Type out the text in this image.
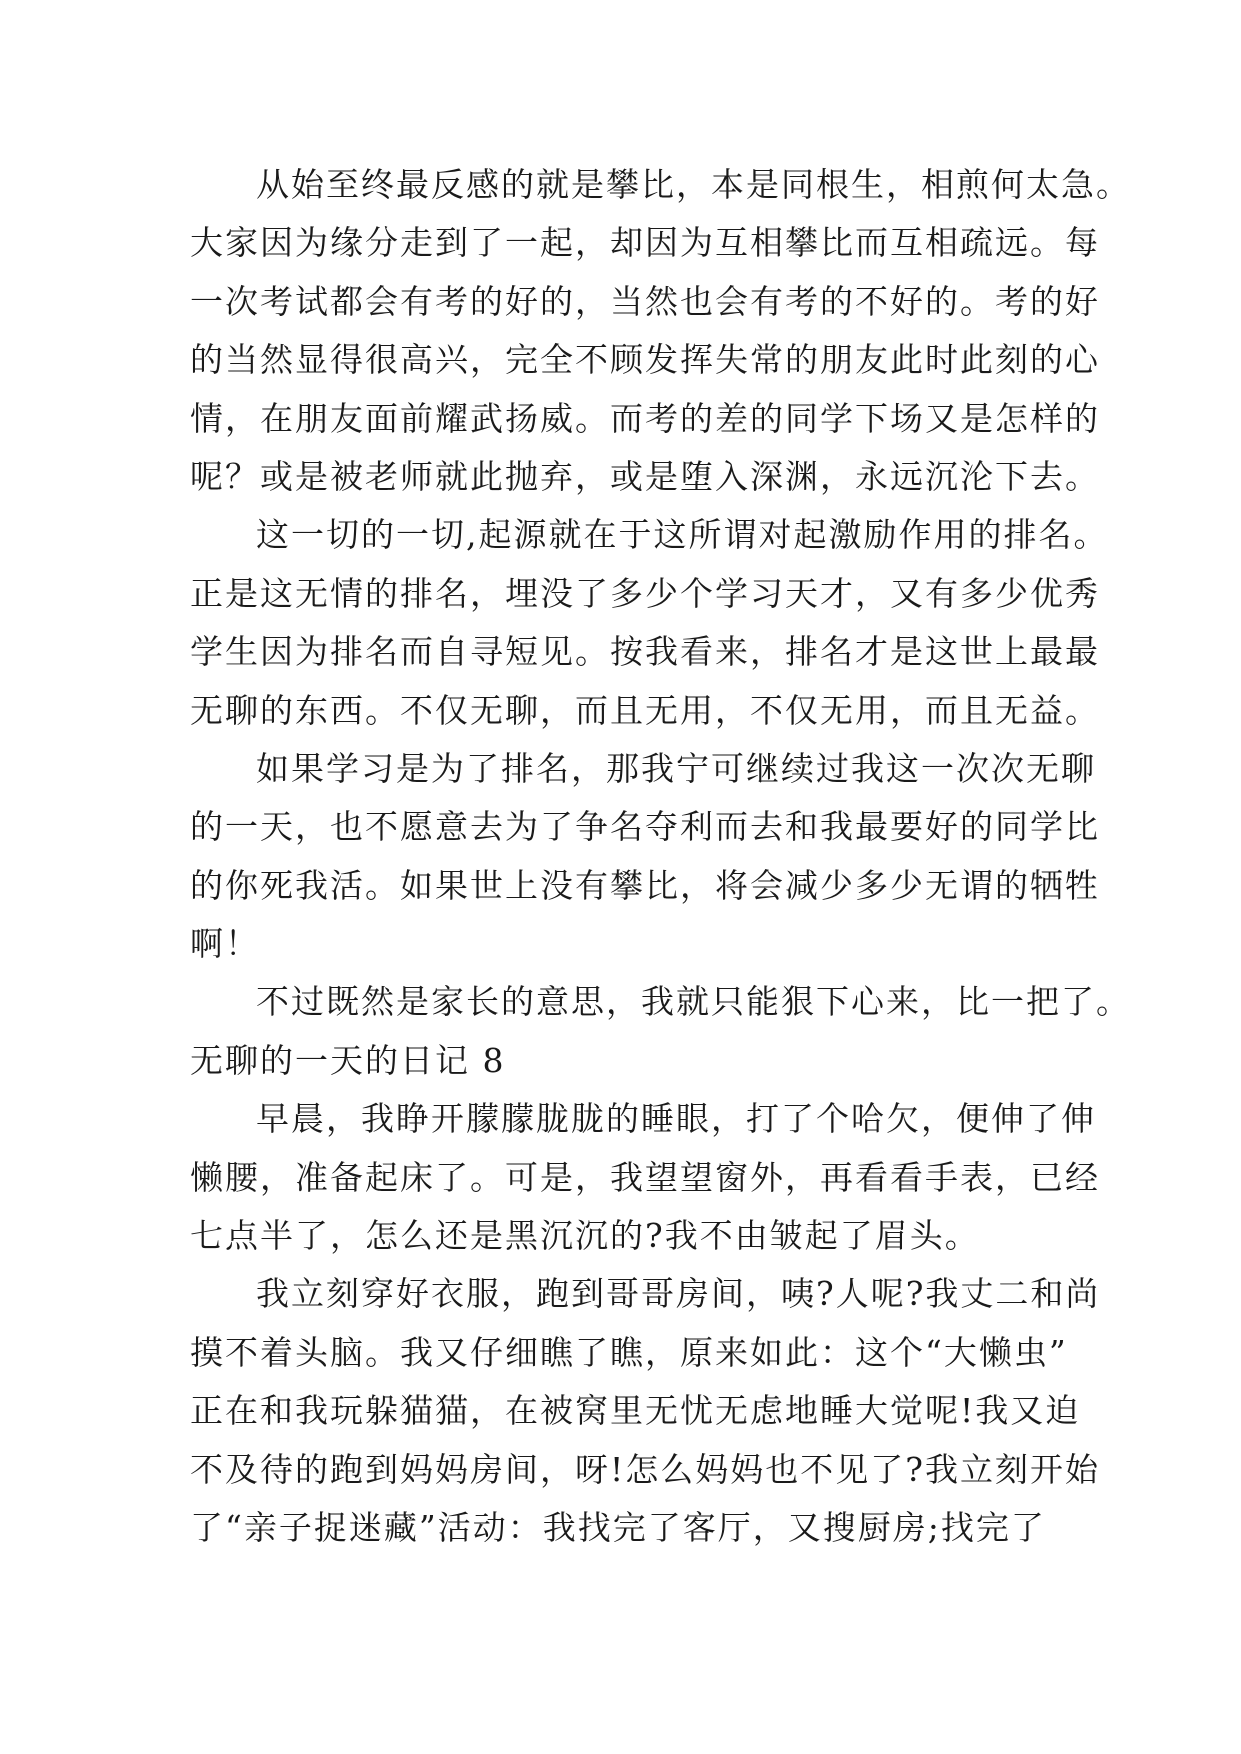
从始至终最反感的就是攀比，本是同根生，相煎何太急。
大家因为缘分走到了一起，却因为互相攀比而互相疏远。每
一次考试都会有考的好的，当然也会有考的不好的。考的好
的当然显得很高兴，完全不顾发挥失常的朋友此时此刻的心
情，在朋友面前耀武扬威。而考的差的同学下场又是怎样的
呢？或是被老师就此抛弃，或是堕入深渊，永远沉沦下去。
这一切的一切,起源就在于这所谓对起激励作用的排名。
正是这无情的排名，埋没了多少个学习天才，又有多少优秀
学生因为排名而自寻短见。按我看来，排名才是这世上最最
无聊的东西。不仅无聊，而且无用，不仅无用，而且无益。
如果学习是为了排名，那我宁可继续过我这一次次无聊
的一天，也不愿意去为了争名夺利而去和我最要好的同学比
的你死我活。如果世上没有攀比，将会减少多少无谓的牺牲
啊！
不过既然是家长的意思，我就只能狠下心来，比一把了。
无聊的一天的日记 8
早晨，我睁开朦朦胧胧的睡眼，打了个哈欠，便伸了伸
懒腰，准备起床了。可是，我望望窗外，再看看手表，已经
七点半了，怎么还是黑沉沉的?我不由皱起了眉头。
我立刻穿好衣服，跑到哥哥房间，咦?人呢?我丈二和尚
摸不着头脑。我又仔细瞧了瞧，原来如此：这个“大懒虫”
正在和我玩躲猫猫，在被窝里无忧无虑地睡大觉呢!我又迫
不及待的跑到妈妈房间，呀!怎么妈妈也不见了?我立刻开始
了“亲子捉迷藏”活动：我找完了客厅，又搜厨房;找完了
